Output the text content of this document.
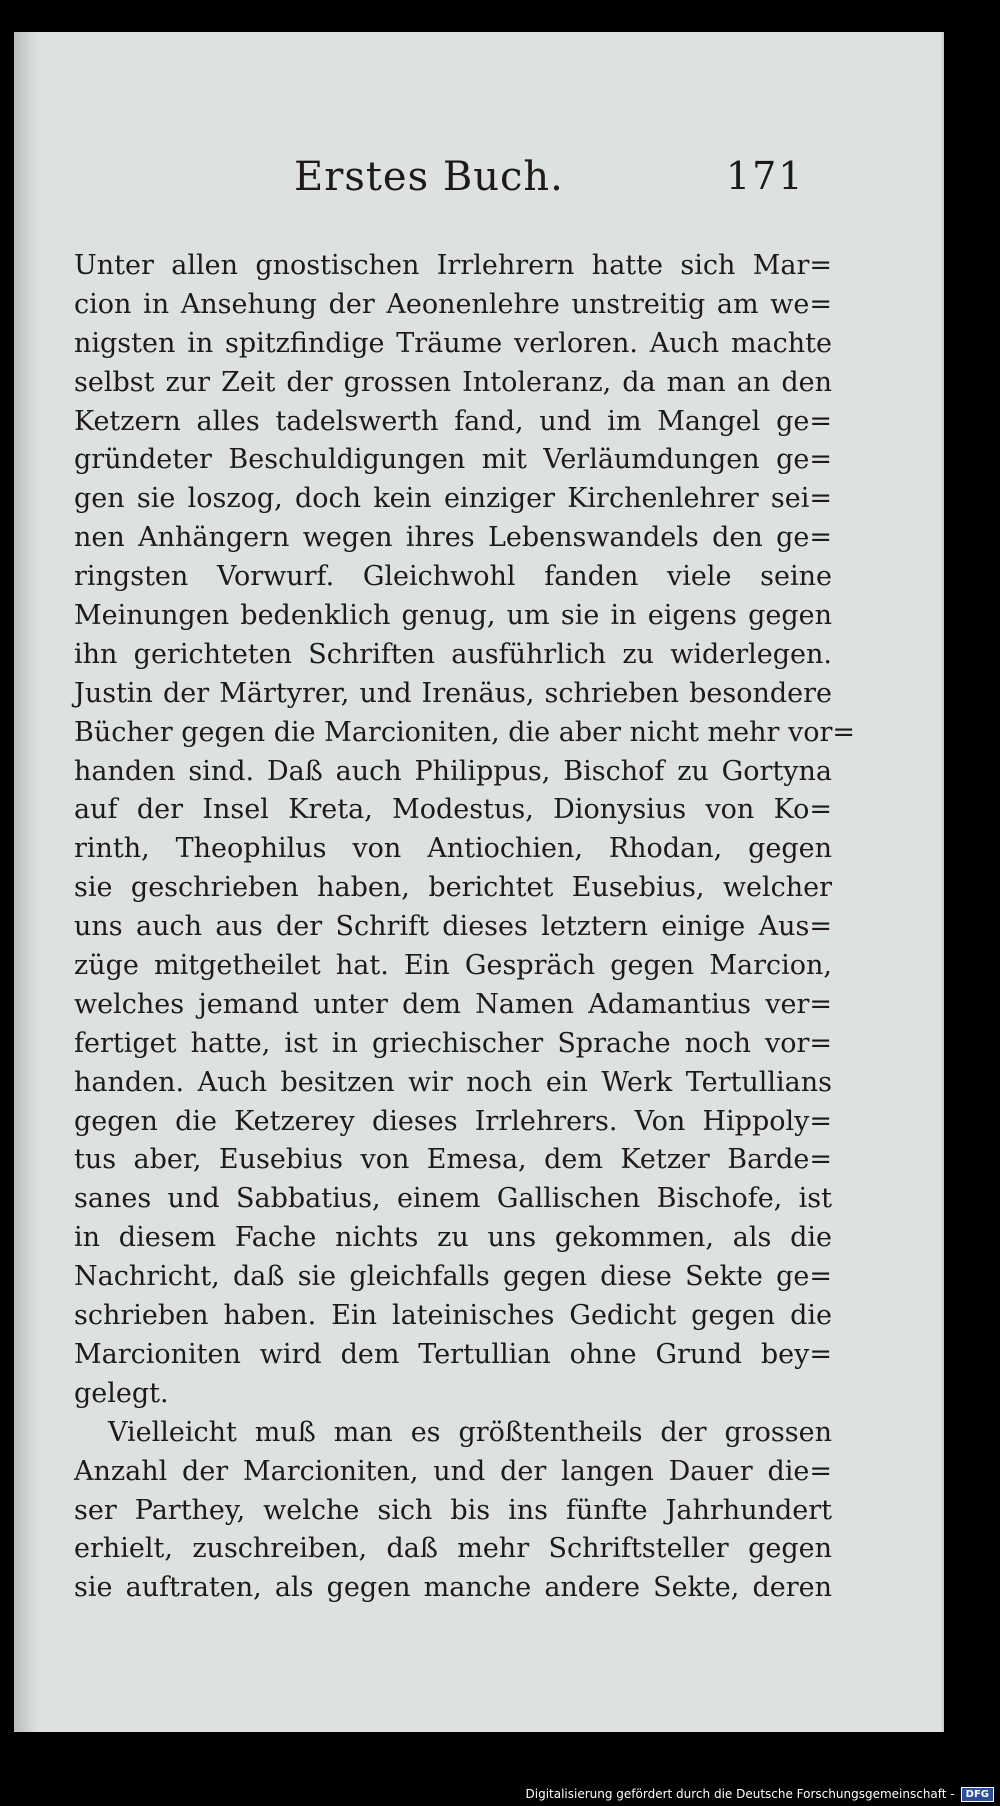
Erstes Buch.	171
Unter allen gnostischen Irrlehrern hatte sich Mar=
cion in Ansehung der Aeonenlehre unstreitig am we=
nigsten in spitzfindige Träume verloren. Auch machte
selbst zur Zeit der grossen Intoleranz, da man an den
Ketzern alles tadelswerth fand, und im Mangel ge=
gründeter Beschuldigungen mit Verläumdungen ge=
gen sie loszog, doch kein einziger Kirchenlehrer sei=
nen Anhängern wegen ihres Lebenswandels den ge=
ringsten Vorwurf. Gleichwohl fanden viele seine
Meinungen bedenklich genug, um sie in eigens gegen
ihn gerichteten Schriften ausführlich zu widerlegen.
Justin der Märtyrer, und Irenäus, schrieben besondere
Bücher gegen die Marcioniten, die aber nicht mehr vor=
handen sind. Daß auch Philippus, Bischof zu Gortyna
auf der Insel Kreta, Modestus, Dionysius von Ko=
rinth, Theophilus von Antiochien, Rhodan, gegen
sie geschrieben haben, berichtet Eusebius, welcher
uns auch aus der Schrift dieses letztern einige Aus=
züge mitgetheilet hat. Ein Gespräch gegen Marcion,
welches jemand unter dem Namen Adamantius ver=
fertiget hatte, ist in griechischer Sprache noch vor=
handen. Auch besitzen wir noch ein Werk Tertullians
gegen die Ketzerey dieses Irrlehrers. Von Hippoly=
tus aber, Eusebius von Emesa, dem Ketzer Barde=
sanes und Sabbatius, einem Gallischen Bischofe, ist
in diesem Fache nichts zu uns gekommen, als die
Nachricht, daß sie gleichfalls gegen diese Sekte ge=
schrieben haben. Ein lateinisches Gedicht gegen die
Marcioniten wird dem Tertullian ohne Grund bey=
gelegt.
Vielleicht muß man es größtentheils der grossen
Anzahl der Marcioniten, und der langen Dauer die=
ser Parthey, welche sich bis ins fünfte Jahrhundert
erhielt, zuschreiben, daß mehr Schriftsteller gegen
sie auftraten, als gegen manche andere Sekte, deren
Digitalisierung gefördert durch die Deutsche Forschungsgemeinschaft -	DFG
